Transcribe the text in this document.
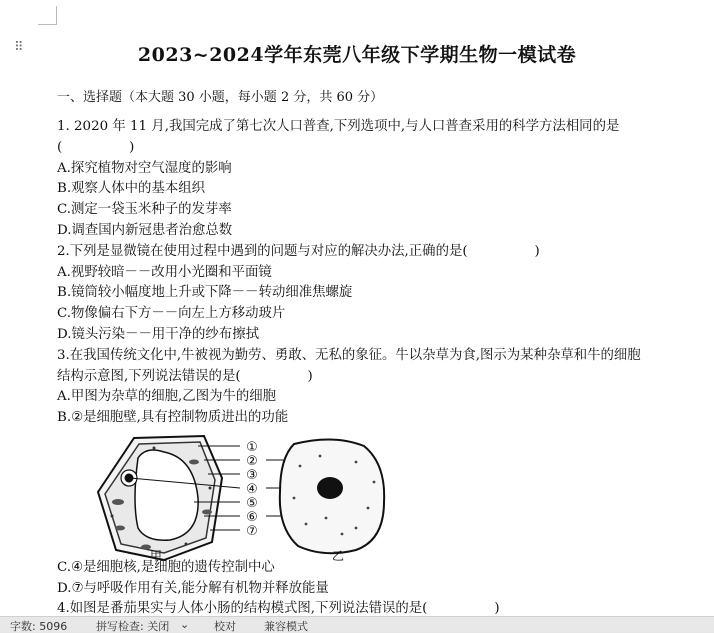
⠿	2023~2024学年东莞八年级下学期生物一模试卷
一、选择题（本大题 30 小题，每小题 2 分，共 60 分）
1. 2020 年 11 月,我国完成了第七次人口普查,下列选项中,与人口普查采用的科学方法相同的是
(　　　　　)
A.探究植物对空气湿度的影响
B.观察人体中的基本组织
C.测定一袋玉米种子的发芽率
D.调查国内新冠患者治愈总数
2.下列是显微镜在使用过程中遇到的问题与对应的解决办法,正确的是(　　　　　)
A.视野较暗－－改用小光圈和平面镜
B.镜筒较小幅度地上升或下降－－转动细准焦螺旋
C.物像偏右下方－－向左上方移动玻片
D.镜头污染－－用干净的纱布擦拭
3.在我国传统文化中,牛被视为勤劳、勇敢、无私的象征。牛以杂草为食,图示为某种杂草和牛的细胞
结构示意图,下列说法错误的是(　　　　　)
A.甲图为杂草的细胞,乙图为牛的细胞
B.②是细胞壁,具有控制物质进出的功能
①
②
③
④
⑤
⑥
⑦
甲	乙
C.④是细胞核,是细胞的遗传控制中心
D.⑦与呼吸作用有关,能分解有机物并释放能量
4.如图是番茄果实与人体小肠的结构模式图,下列说法错误的是(　　　　　)
字数: 5096	拼写检查: 关闭 ⌄ 校对	兼容模式
